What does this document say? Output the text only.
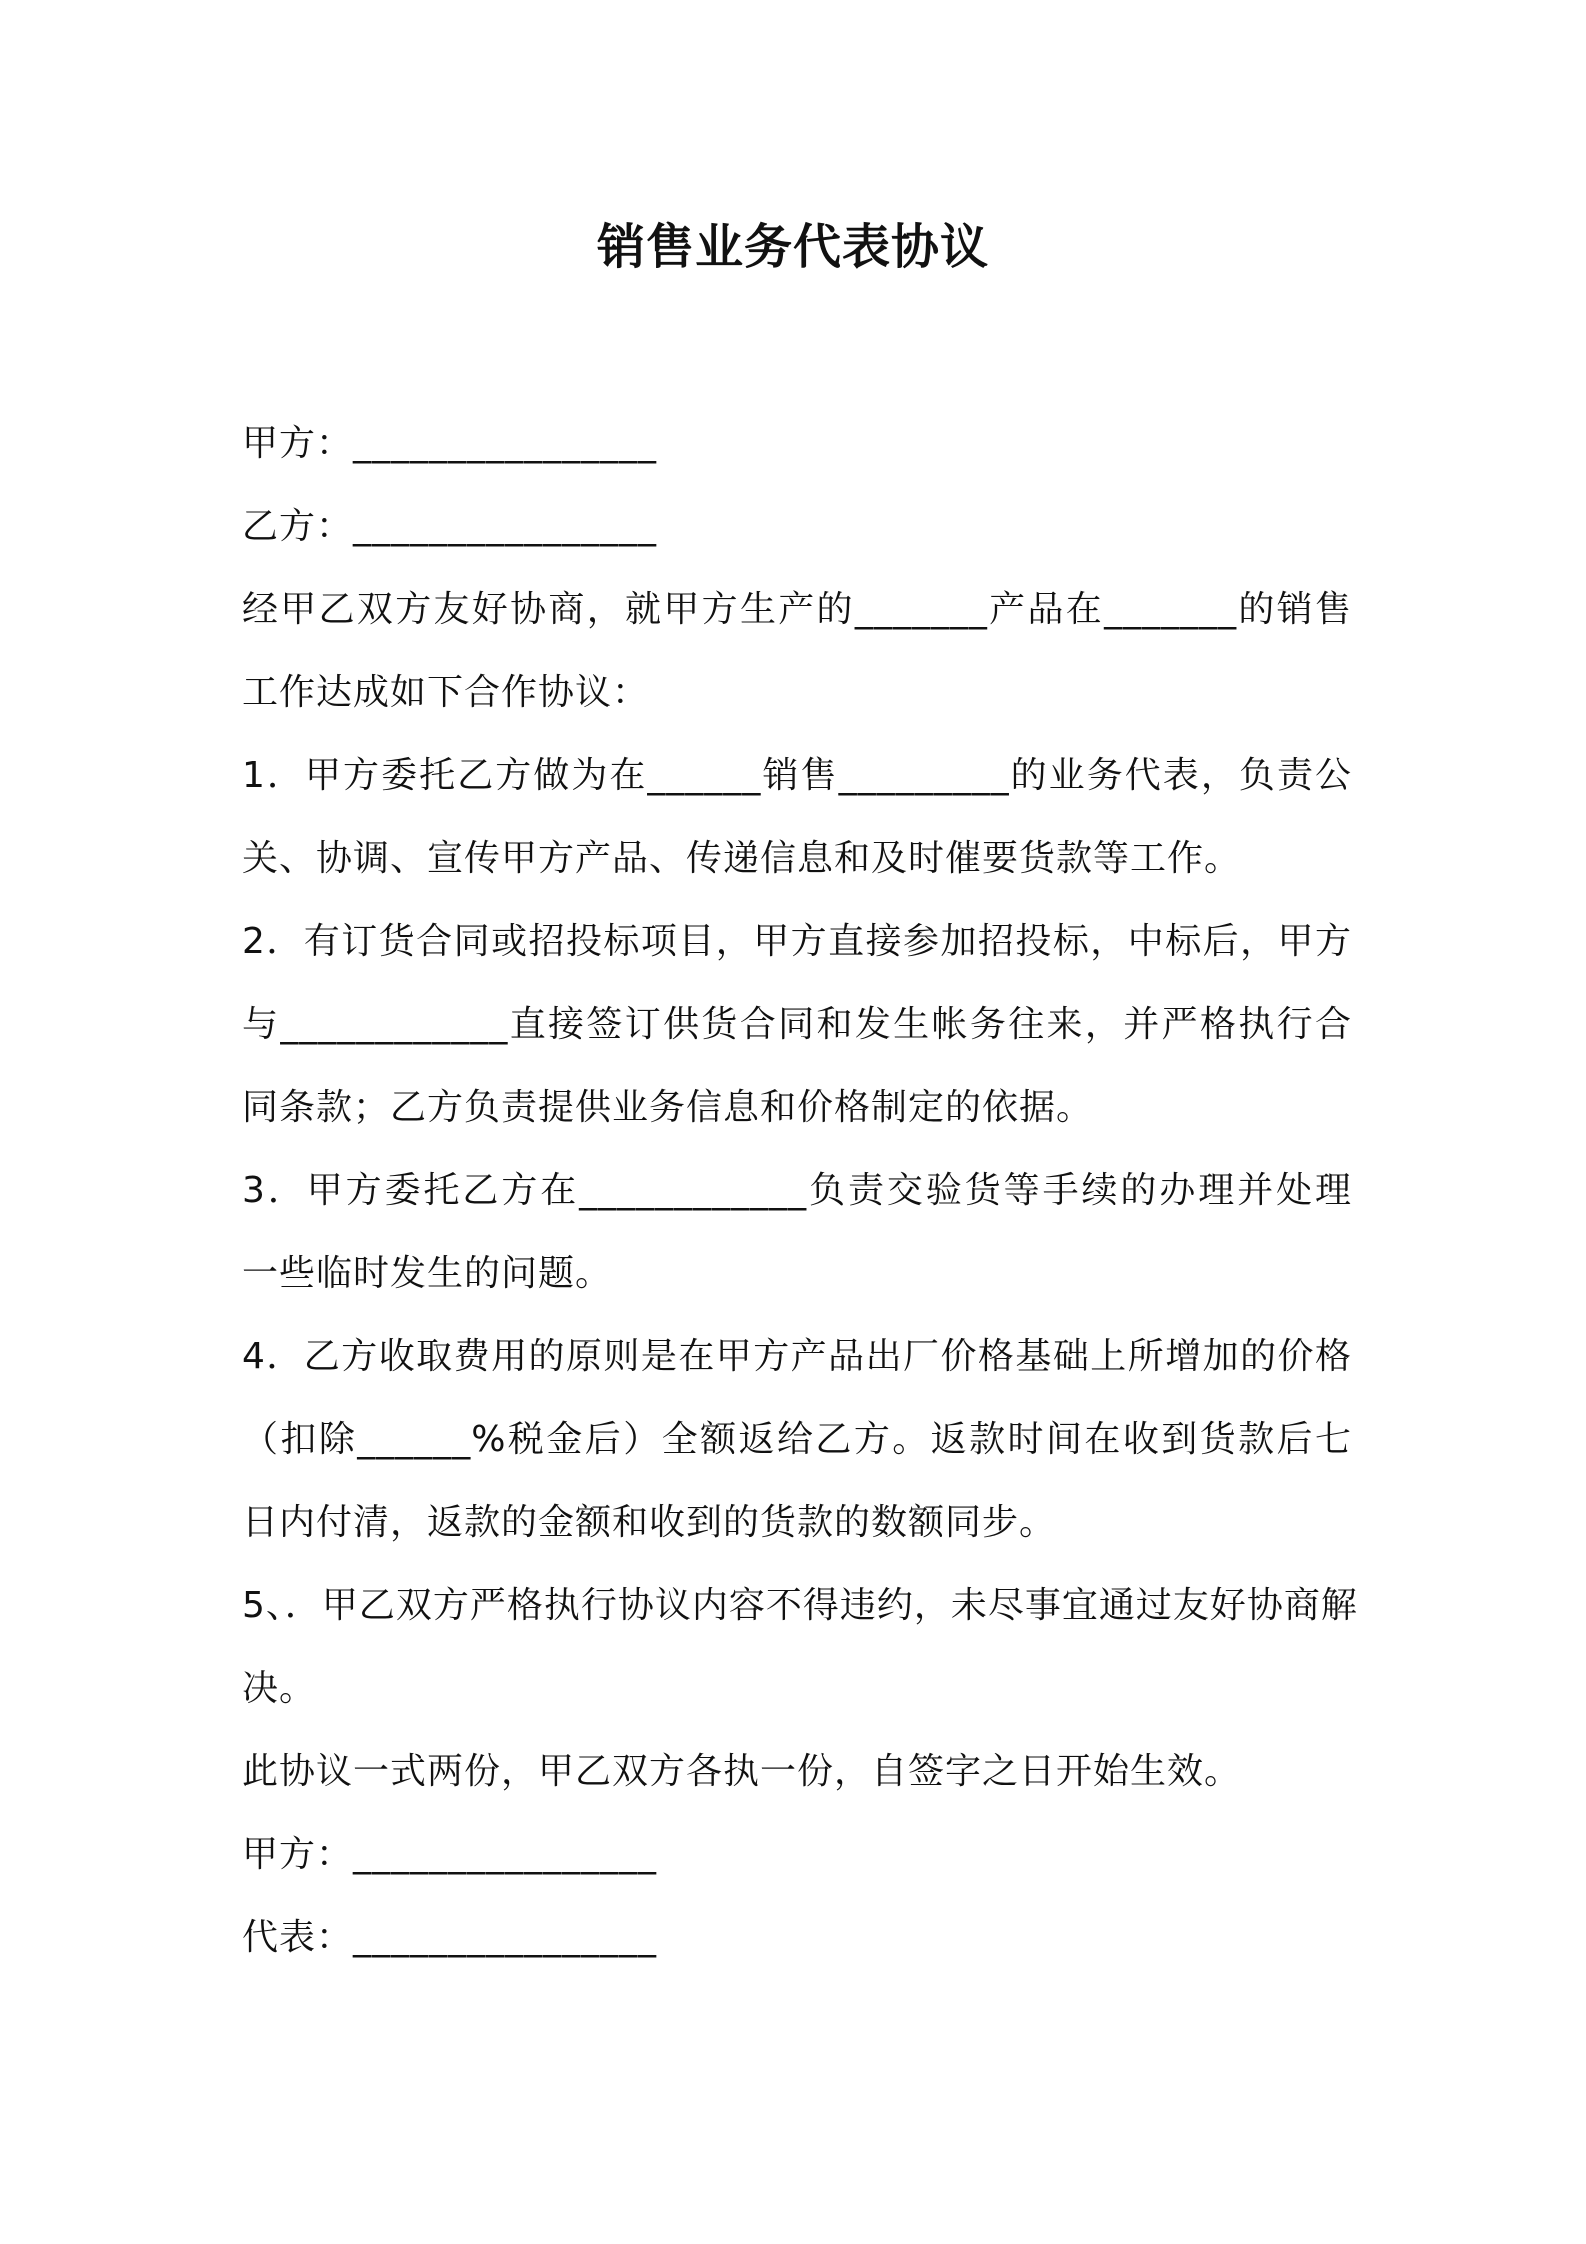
销售业务代表协议

甲方：________________

乙方：________________

经甲乙双方友好协商，就甲方生产的_______产品在_______的销售

工作达成如下合作协议：

1．甲方委托乙方做为在______销售_________的业务代表，负责公

关、协调、宣传甲方产品、传递信息和及时催要货款等工作。

2．有订货合同或招投标项目，甲方直接参加招投标，中标后，甲方

与____________直接签订供货合同和发生帐务往来，并严格执行合

同条款；乙方负责提供业务信息和价格制定的依据。

3．甲方委托乙方在____________负责交验货等手续的办理并处理

一些临时发生的问题。

4．乙方收取费用的原则是在甲方产品出厂价格基础上所增加的价格

（扣除______%税金后）全额返给乙方。返款时间在收到货款后七

日内付清，返款的金额和收到的货款的数额同步。

5、．甲乙双方严格执行协议内容不得违约，未尽事宜通过友好协商解

决。

此协议一式两份，甲乙双方各执一份，自签字之日开始生效。

甲方：________________

代表：________________
